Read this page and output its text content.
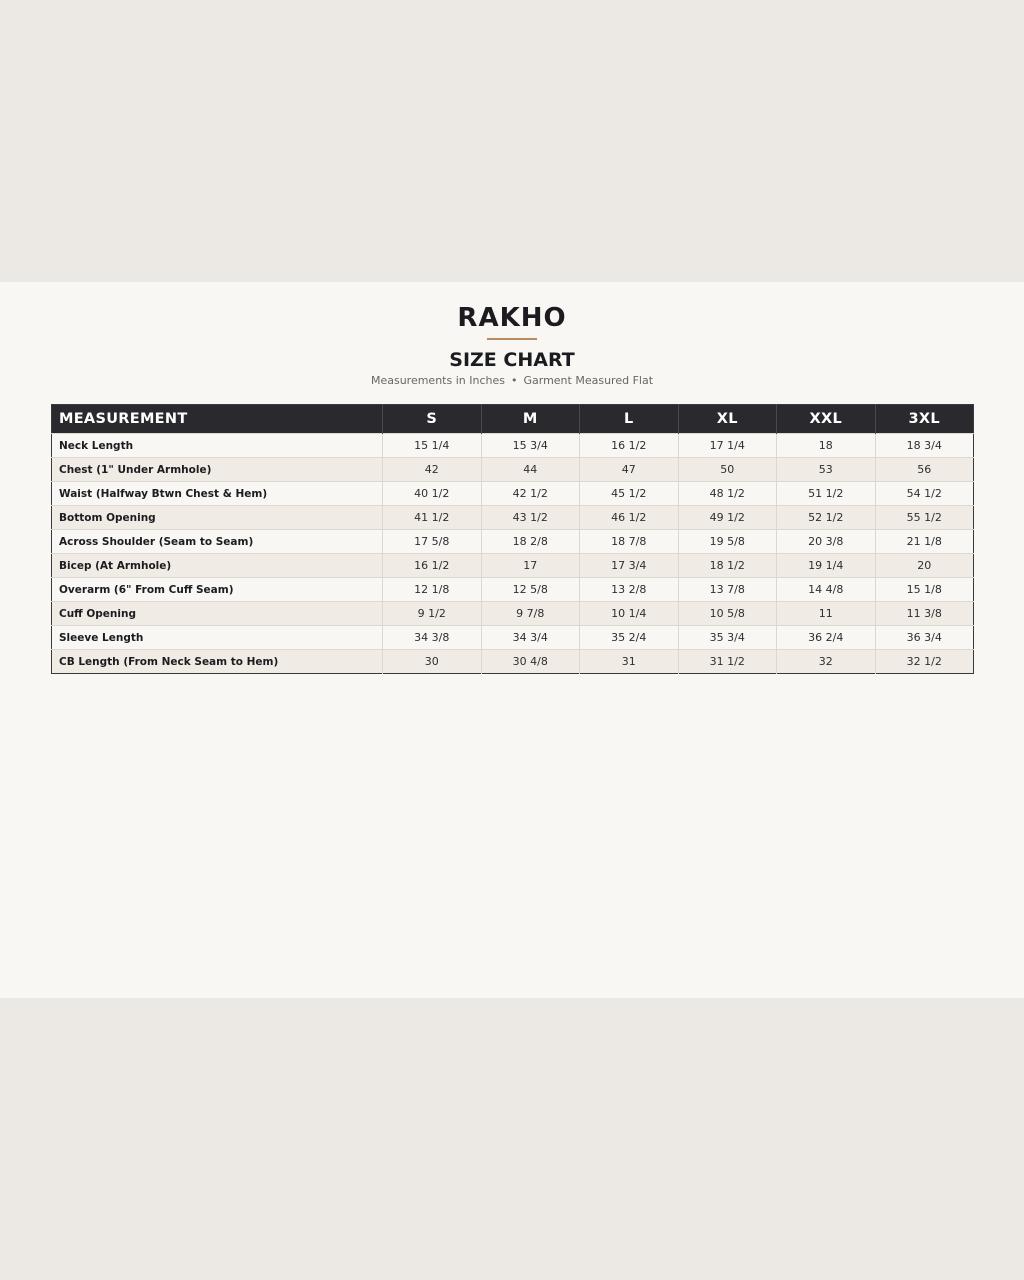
RAKHO
SIZE CHART
Measurements in Inches • Garment Measured Flat
MEASUREMENT	S	M	L	XL	XXL	3XL
Neck Length	15 1/4	15 3/4	16 1/2	17 1/4	18	18 3/4
Chest (1" Under Armhole)	42	44	47	50	53	56
Waist (Halfway Btwn Chest & Hem)	40 1/2	42 1/2	45 1/2	48 1/2	51 1/2	54 1/2
Bottom Opening	41 1/2	43 1/2	46 1/2	49 1/2	52 1/2	55 1/2
Across Shoulder (Seam to Seam)	17 5/8	18 2/8	18 7/8	19 5/8	20 3/8	21 1/8
Bicep (At Armhole)	16 1/2	17	17 3/4	18 1/2	19 1/4	20
Overarm (6" From Cuff Seam)	12 1/8	12 5/8	13 2/8	13 7/8	14 4/8	15 1/8
Cuff Opening	9 1/2	9 7/8	10 1/4	10 5/8	11	11 3/8
Sleeve Length	34 3/8	34 3/4	35 2/4	35 3/4	36 2/4	36 3/4
CB Length (From Neck Seam to Hem)	30	30 4/8	31	31 1/2	32	32 1/2
